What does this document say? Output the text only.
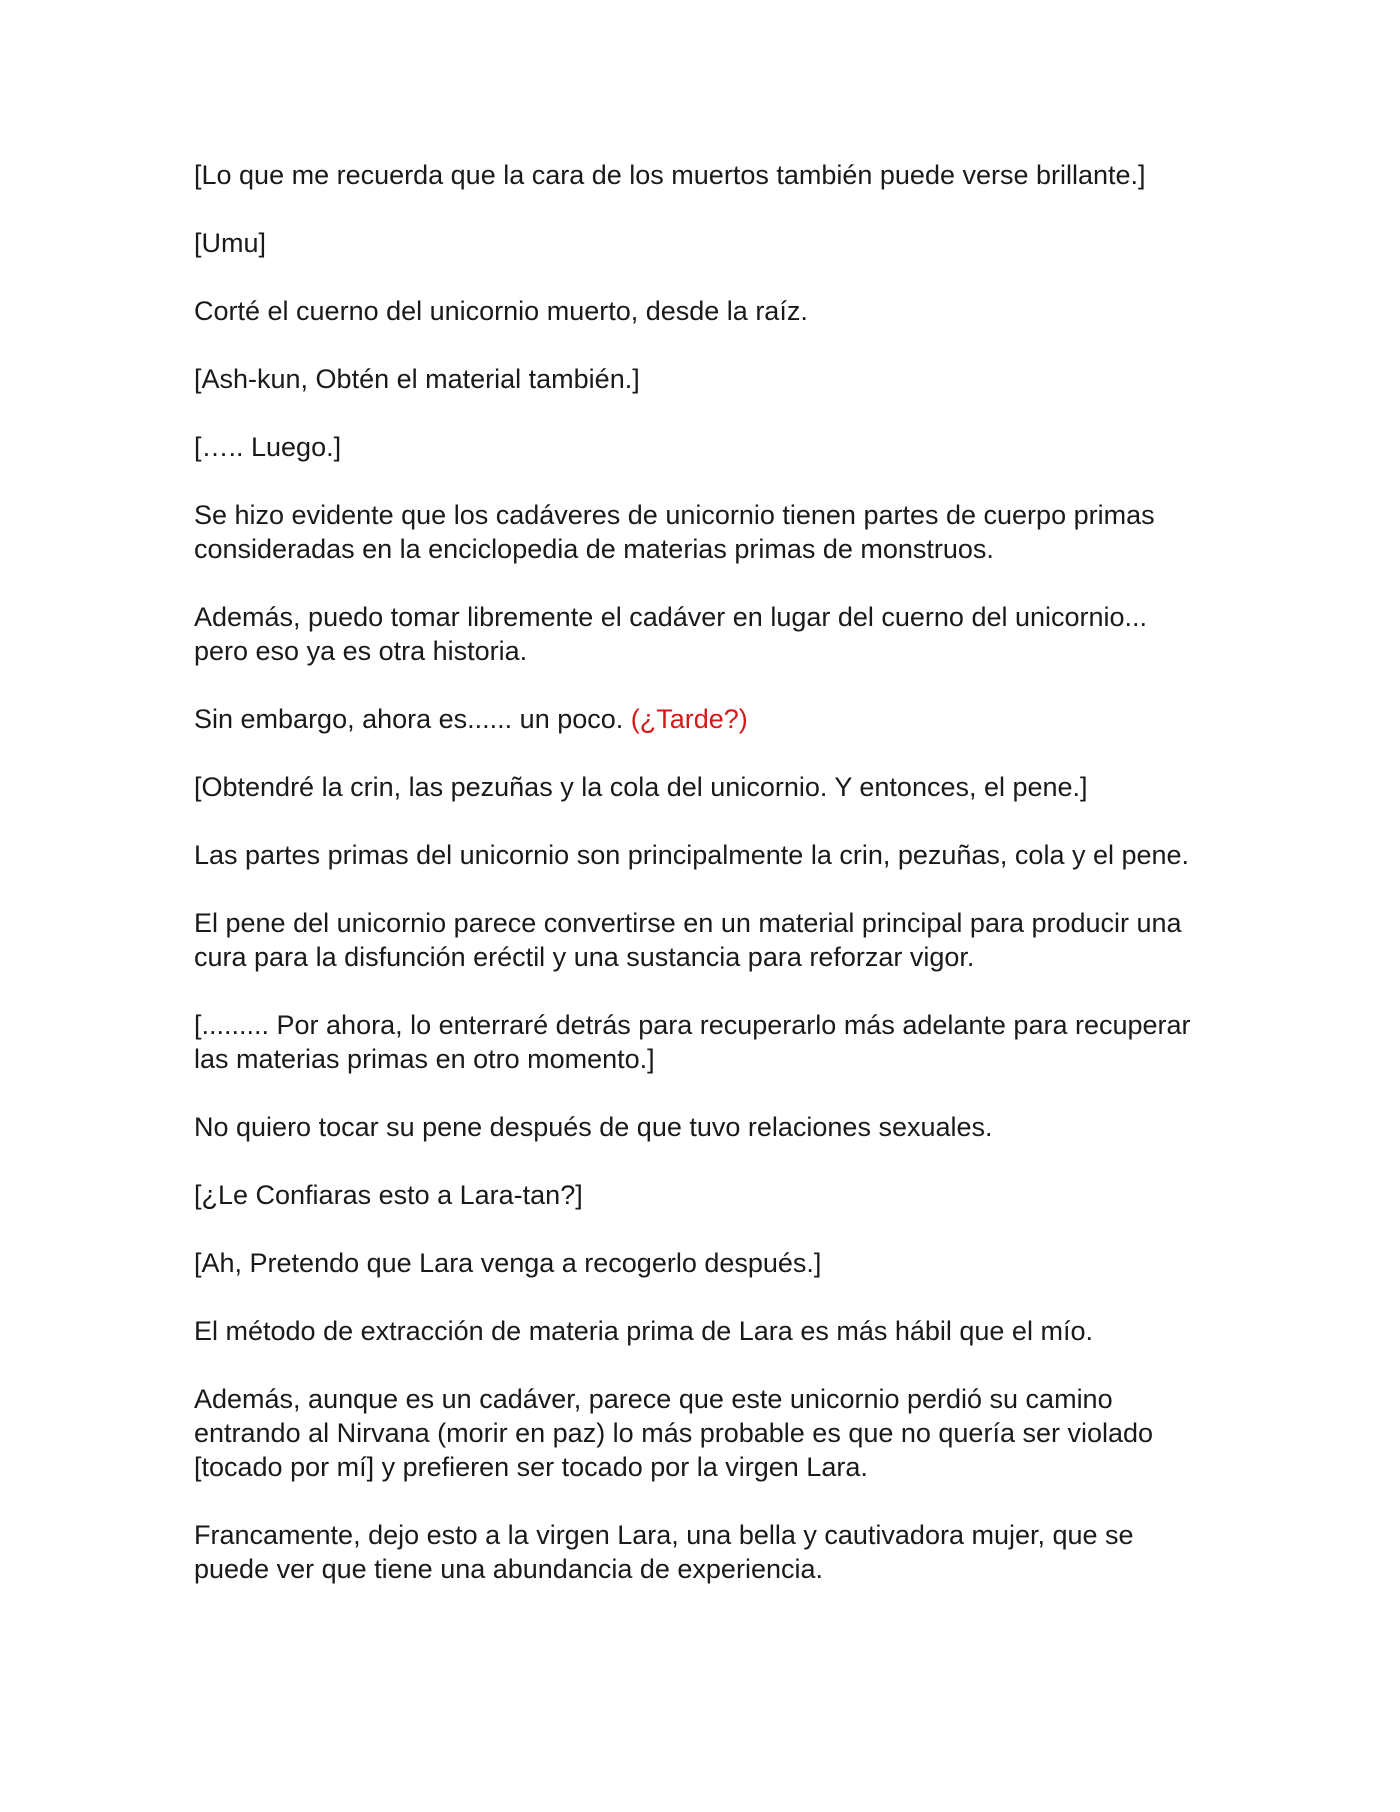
[Lo que me recuerda que la cara de los muertos también puede verse brillante.]

[Umu]

Corté el cuerno del unicornio muerto, desde la raíz.

[Ash-kun, Obtén el material también.]

[….. Luego.]

Se hizo evidente que los cadáveres de unicornio tienen partes de cuerpo primas consideradas en la enciclopedia de materias primas de monstruos.

Además, puedo tomar libremente el cadáver en lugar del cuerno del unicornio... pero eso ya es otra historia.

Sin embargo, ahora es...... un poco. (¿Tarde?)

[Obtendré la crin, las pezuñas y la cola del unicornio. Y entonces, el pene.]

Las partes primas del unicornio son principalmente la crin, pezuñas, cola y el pene.

El pene del unicornio parece convertirse en un material principal para producir una cura para la disfunción eréctil y una sustancia para reforzar vigor.

[......... Por ahora, lo enterraré detrás para recuperarlo más adelante para recuperar las materias primas en otro momento.]

No quiero tocar su pene después de que tuvo relaciones sexuales.

[¿Le Confiaras esto a Lara-tan?]

[Ah, Pretendo que Lara venga a recogerlo después.]

El método de extracción de materia prima de Lara es más hábil que el mío.

Además, aunque es un cadáver, parece que este unicornio perdió su camino entrando al Nirvana (morir en paz) lo más probable es que no quería ser violado [tocado por mí] y prefieren ser tocado por la virgen Lara.

Francamente, dejo esto a la virgen Lara, una bella y cautivadora mujer, que se puede ver que tiene una abundancia de experiencia.
